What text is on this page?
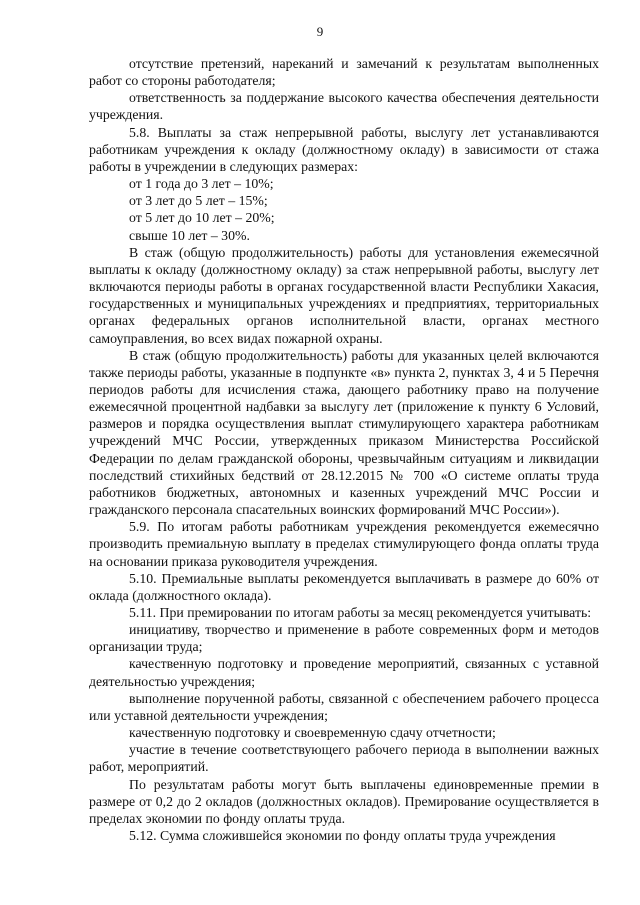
9

отсутствие претензий, нареканий и замечаний к результатам выполненных работ со стороны работодателя;

ответственность за поддержание высокого качества обеспечения деятельности учреждения.

5.8. Выплаты за стаж непрерывной работы, выслугу лет устанавливаются работникам учреждения к окладу (должностному окладу) в зависимости от стажа работы в учреждении в следующих размерах:

от 1 года до 3 лет – 10%;

от 3 лет до 5 лет – 15%;

от 5 лет до 10 лет – 20%;

свыше 10 лет – 30%.

В стаж (общую продолжительность) работы для установления ежемесячной выплаты к окладу (должностному окладу) за стаж непрерывной работы, выслугу лет включаются периоды работы в органах государственной власти Республики Хакасия, государственных и муниципальных учреждениях и предприятиях, территориальных органах федеральных органов исполнительной власти, органах местного самоуправления, во всех видах пожарной охраны.

В стаж (общую продолжительность) работы для указанных целей включаются также периоды работы, указанные в подпункте «в» пункта 2, пунктах 3, 4 и 5 Перечня периодов работы для исчисления стажа, дающего работнику право на получение ежемесячной процентной надбавки за выслугу лет (приложение к пункту 6 Условий, размеров и порядка осуществления выплат стимулирующего характера работникам учреждений МЧС России, утвержденных приказом Министерства Российской Федерации по делам гражданской обороны, чрезвычайным ситуациям и ликвидации последствий стихийных бедствий от 28.12.2015 № 700 «О системе оплаты труда работников бюджетных, автономных и казенных учреждений МЧС России и гражданского персонала спасательных воинских формирований МЧС России»).

5.9. По итогам работы работникам учреждения рекомендуется ежемесячно производить премиальную выплату в пределах стимулирующего фонда оплаты труда на основании приказа руководителя учреждения.

5.10. Премиальные выплаты рекомендуется выплачивать в размере до 60% от оклада (должностного оклада).

5.11. При премировании по итогам работы за месяц рекомендуется учитывать:

инициативу, творчество и применение в работе современных форм и методов организации труда;

качественную подготовку и проведение мероприятий, связанных с уставной деятельностью учреждения;

выполнение порученной работы, связанной с обеспечением рабочего процесса или уставной деятельности учреждения;

качественную подготовку и своевременную сдачу отчетности;

участие в течение соответствующего рабочего периода в выполнении важных работ, мероприятий.

По результатам работы могут быть выплачены единовременные премии в размере от 0,2 до 2 окладов (должностных окладов). Премирование осуществляется в пределах экономии по фонду оплаты труда.

5.12. Сумма сложившейся экономии по фонду оплаты труда учреждения
